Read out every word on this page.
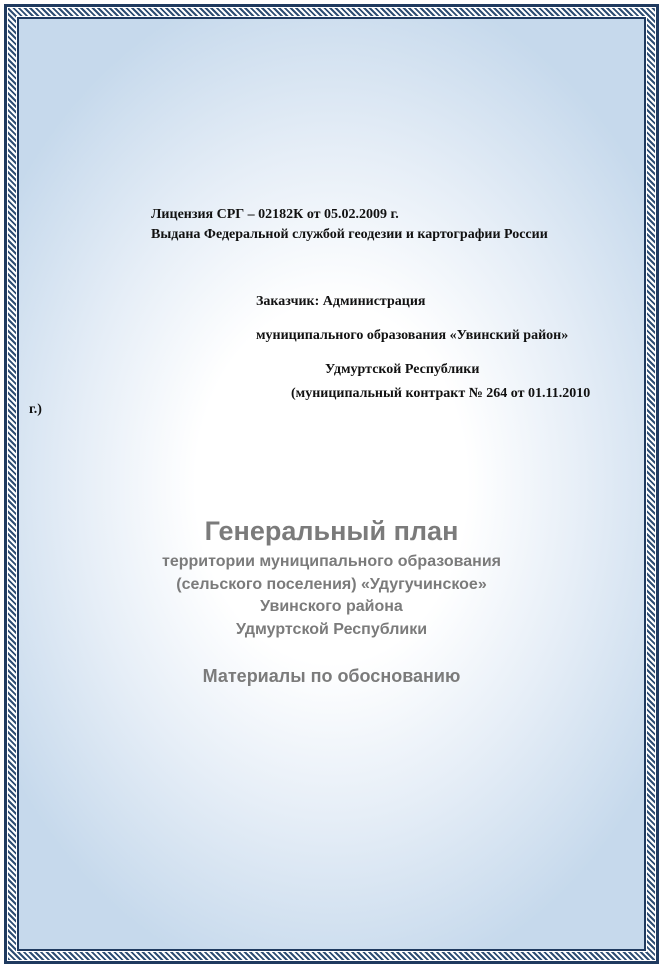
Лицензия СРГ – 02182К от 05.02.2009 г.
Выдана Федеральной службой геодезии и картографии России
Заказчик: Администрация
муниципального образования «Увинский район»
Удмуртской Республики
(муниципальный контракт № 264 от 01.11.2010
г.)
Генеральный план
территории муниципального образования
(сельского поселения) «Удугучинское»
Увинского района
Удмуртской Республики
Материалы по обоснованию
